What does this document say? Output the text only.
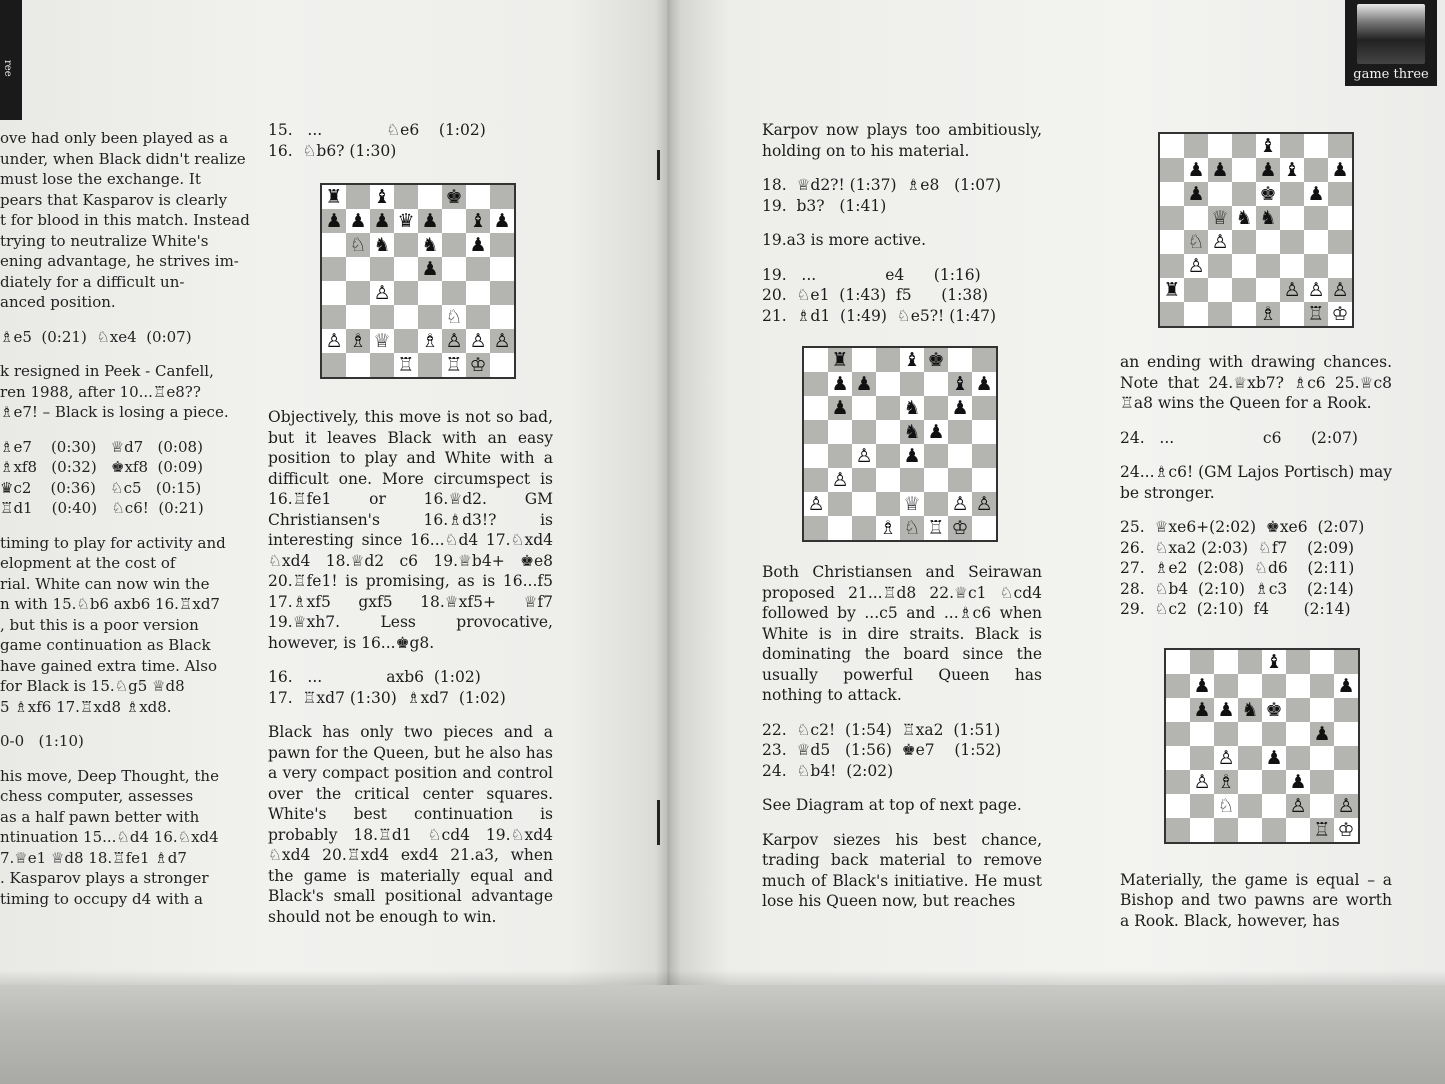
ree	game three
ove had only been played as a
under, when Black didn't realize
must lose the exchange. It
pears that Kasparov is clearly
t for blood in this match. Instead
trying to neutralize White's
ening advantage, he strives im-
diately for a difficult un-
anced position.
♗e5  (0:21)  ♘xe4  (0:07)
k resigned in Peek - Canfell,
ren 1988, after 10...♖e8??
♗e7! – Black is losing a piece.
♗e7    (0:30)   ♕d7   (0:08)
♗xf8   (0:32)   ♚xf8  (0:09)
♛c2    (0:36)   ♘c5   (0:15)
♖d1    (0:40)   ♘c6!  (0:21)
timing to play for activity and
elopment at the cost of
rial. White can now win the
n with 15.♘b6 axb6 16.♖xd7
, but this is a poor version
game continuation as Black
have gained extra time. Also
for Black is 15.♘g5 ♕d8
5 ♗xf6 17.♖xd8 ♗xd8.
0-0   (1:10)
his move, Deep Thought, the
chess computer, assesses
as a half pawn better with
ntinuation 15...♘d4 16.♘xd4
7.♕e1 ♕d8 18.♖fe1 ♗d7
. Kasparov plays a stronger
timing to occupy d4 with a
15.   ...             ♘e6    (1:02)
16.  ♘b6? (1:30)
♜ ♝	♚
♟ ♟ ♟ ♛ ♟ ♝ ♟
♘ ♞ ♞ ♟
♟
♙
♘
♙ ♗ ♕ ♗ ♙ ♙ ♙
♖ ♖ ♔

Objectively, this move is not so bad, but it leaves Black with an easy position to play and White with a difficult one. More circumspect is 16.♖fe1 or 16.♕d2. GM Christiansen's 16.♗d3!? is interesting since 16...♘d4 17.♘xd4 ♘xd4 18.♕d2 c6 19.♕b4+ ♚e8 20.♖fe1! is promising, as is 16...f5 17.♗xf5 gxf5 18.♕xf5+ ♕f7 19.♕xh7. Less provocative, however, is 16...♚g8.

16.   ...             axb6  (1:02)
17.  ♖xd7 (1:30)  ♗xd7  (1:02)

Black has only two pieces and a pawn for the Queen, but he also has a very compact position and control over the critical center squares. White's best continuation is probably 18.♖d1 ♘cd4 19.♘xd4 ♘xd4 20.♖xd4 exd4 21.a3, when the game is materially equal and Black's small positional advantage should not be enough to win.

Karpov now plays too ambitiously, holding on to his material.

18.  ♕d2?! (1:37)  ♗e8   (1:07)
19.  b3?   (1:41)

19.a3 is more active.

19.   ...              e4      (1:16)
20.  ♘e1  (1:43)  f5      (1:38)
21.  ♗d1  (1:49)  ♘e5?! (1:47)
♜	♝ ♚
♟ ♟	♝ ♟
♟	♞ ♟
♞ ♟
♙ ♟
♙
♙	♕ ♙ ♙
♗ ♘ ♖ ♔

Both Christiansen and Seirawan proposed 21...♖d8 22.♕c1 ♘cd4 followed by ...c5 and ...♗c6 when White is in dire straits. Black is dominating the board since the usually powerful Queen has nothing to attack.

22.  ♘c2!  (1:54)  ♖xa2  (1:51)
23.  ♕d5   (1:56)  ♚e7    (1:52)
24.  ♘b4!  (2:02)

See Diagram at top of next page.

Karpov siezes his best chance, trading back material to remove much of Black's initiative. He must lose his Queen now, but reaches

♝
♟ ♟ ♟ ♝ ♟
♟	♚ ♟
♕ ♞ ♞
♘ ♙
♙
♜	♙ ♙ ♙
♗ ♖ ♔

an ending with drawing chances. Note that 24.♕xb7? ♗c6 25.♕c8 ♖a8 wins the Queen for a Rook.

24.   ...                  c6      (2:07)

24...♗c6! (GM Lajos Portisch) may be stronger.

25.  ♕xe6+(2:02)  ♚xe6  (2:07)
26.  ♘xa2 (2:03)  ♘f7    (2:09)
27.  ♗e2  (2:08)  ♘d6    (2:11)
28.  ♘b4  (2:10)  ♗c3    (2:14)
29.  ♘c2  (2:10)  f4       (2:14)
♝
♟	♟
♟ ♟ ♞ ♚
♟
♙ ♟
♙ ♗	♟
♘	♙ ♙
♖ ♔

Materially, the game is equal – a Bishop and two pawns are worth a Rook. Black, however, has
